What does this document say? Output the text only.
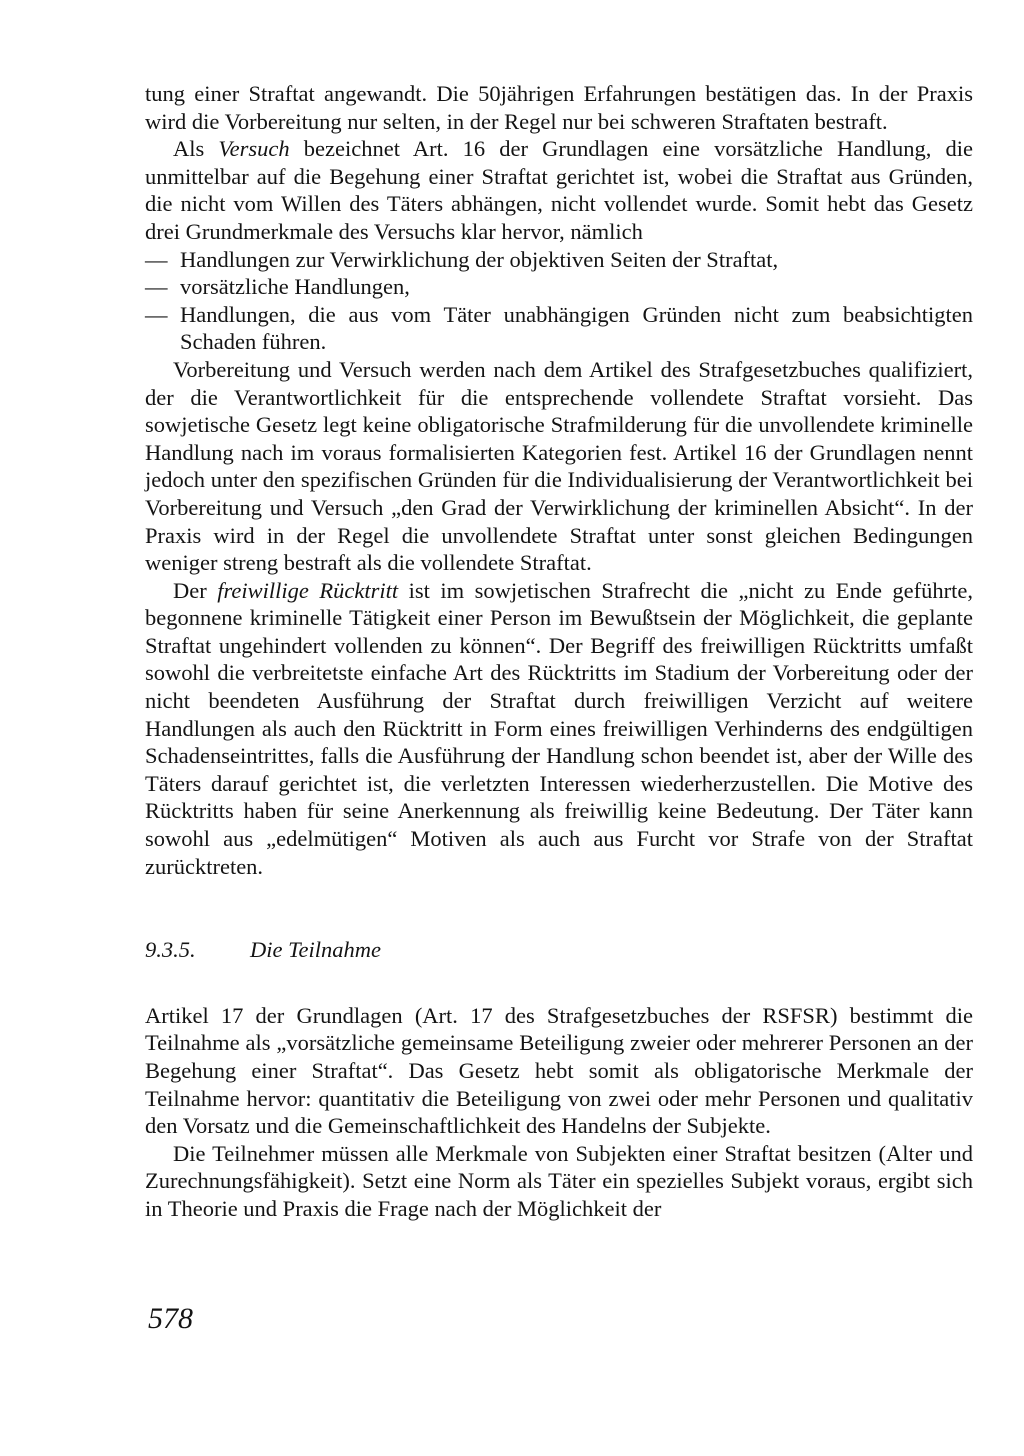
tung einer Straftat angewandt. Die 50jährigen Erfahrungen bestätigen das. In der Praxis wird die Vorbereitung nur selten, in der Regel nur bei schweren Straftaten bestraft.

Als Versuch bezeichnet Art. 16 der Grundlagen eine vorsätzliche Handlung, die unmittelbar auf die Begehung einer Straftat gerichtet ist, wobei die Straftat aus Gründen, die nicht vom Willen des Täters abhängen, nicht vollendet wurde. Somit hebt das Gesetz drei Grundmerkmale des Versuchs klar hervor, nämlich

— Handlungen zur Verwirklichung der objektiven Seiten der Straftat,
— vorsätzliche Handlungen,
— Handlungen, die aus vom Täter unabhängigen Gründen nicht zum beabsichtigten Schaden führen.

Vorbereitung und Versuch werden nach dem Artikel des Strafgesetzbuches qualifiziert, der die Verantwortlichkeit für die entsprechende vollendete Straftat vorsieht. Das sowjetische Gesetz legt keine obligatorische Strafmilderung für die unvollendete kriminelle Handlung nach im voraus formalisierten Kategorien fest. Artikel 16 der Grundlagen nennt jedoch unter den spezifischen Gründen für die Individualisierung der Verantwortlichkeit bei Vorbereitung und Versuch „den Grad der Verwirklichung der kriminellen Absicht“. In der Praxis wird in der Regel die unvollendete Straftat unter sonst gleichen Bedingungen weniger streng bestraft als die vollendete Straftat.

Der freiwillige Rücktritt ist im sowjetischen Strafrecht die „nicht zu Ende geführte, begonnene kriminelle Tätigkeit einer Person im Bewußtsein der Möglichkeit, die geplante Straftat ungehindert vollenden zu können“. Der Begriff des freiwilligen Rücktritts umfaßt sowohl die verbreitetste einfache Art des Rücktritts im Stadium der Vorbereitung oder der nicht beendeten Ausführung der Straftat durch freiwilligen Verzicht auf weitere Handlungen als auch den Rücktritt in Form eines freiwilligen Verhinderns des endgültigen Schadenseintrittes, falls die Ausführung der Handlung schon beendet ist, aber der Wille des Täters darauf gerichtet ist, die verletzten Interessen wiederherzustellen. Die Motive des Rücktritts haben für seine Anerkennung als freiwillig keine Bedeutung. Der Täter kann sowohl aus „edelmütigen“ Motiven als auch aus Furcht vor Strafe von der Straftat zurücktreten.

9.3.5.	Die Teilnahme

Artikel 17 der Grundlagen (Art. 17 des Strafgesetzbuches der RSFSR) bestimmt die Teilnahme als „vorsätzliche gemeinsame Beteiligung zweier oder mehrerer Personen an der Begehung einer Straftat“. Das Gesetz hebt somit als obligatorische Merkmale der Teilnahme hervor: quantitativ die Beteiligung von zwei oder mehr Personen und qualitativ den Vorsatz und die Gemeinschaftlichkeit des Handelns der Subjekte.

Die Teilnehmer müssen alle Merkmale von Subjekten einer Straftat besitzen (Alter und Zurechnungsfähigkeit). Setzt eine Norm als Täter ein spezielles Subjekt voraus, ergibt sich in Theorie und Praxis die Frage nach der Möglichkeit der

578
